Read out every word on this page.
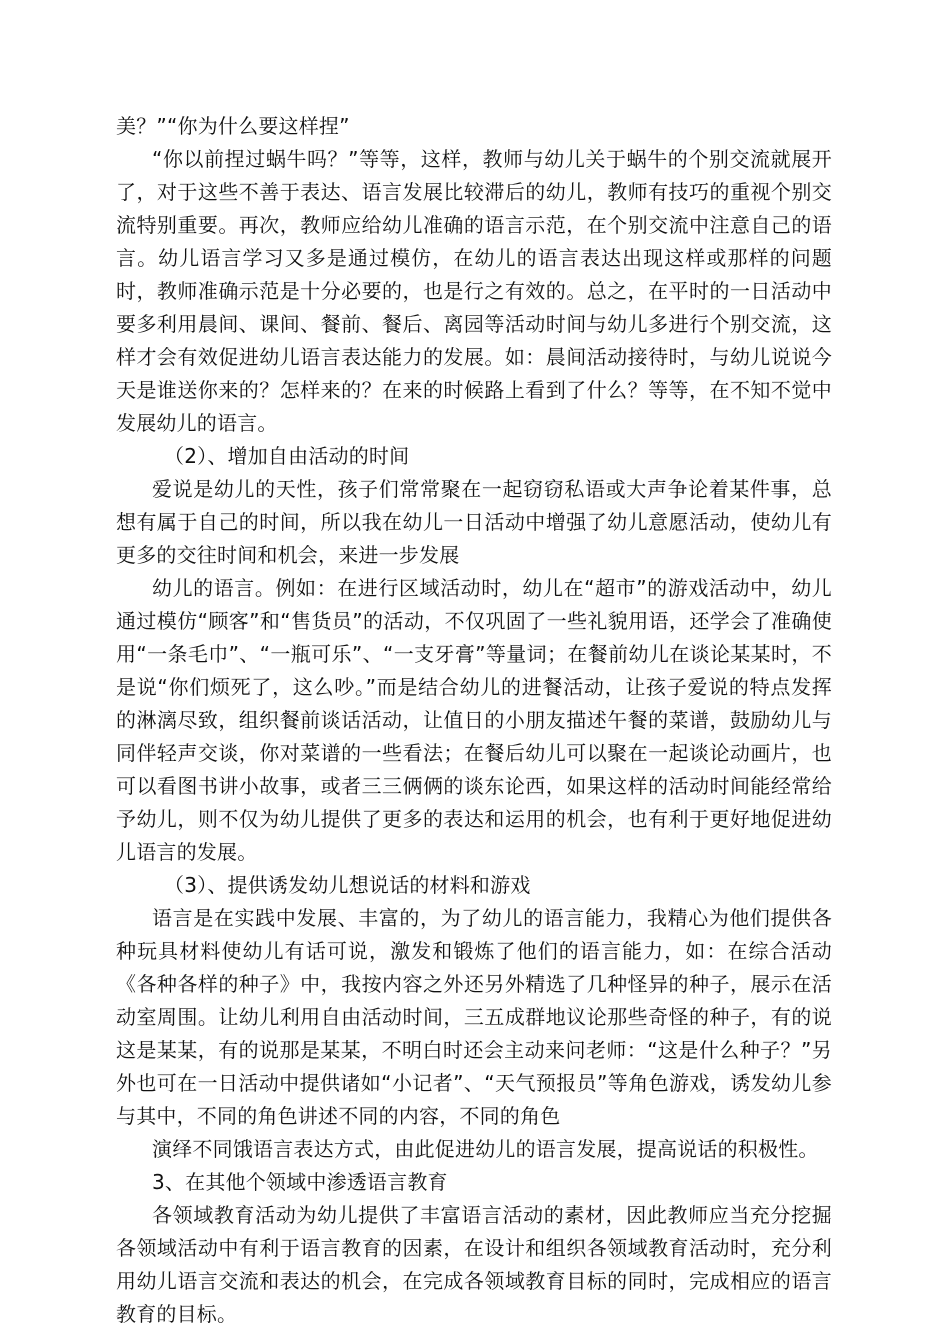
美？”“你为什么要这样捏”

“你以前捏过蜗牛吗？”等等，这样，教师与幼儿关于蜗牛的个别交流就展开了，对于这些不善于表达、语言发展比较滞后的幼儿，教师有技巧的重视个别交流特别重要。再次，教师应给幼儿准确的语言示范，在个别交流中注意自己的语言。幼儿语言学习又多是通过模仿，在幼儿的语言表达出现这样或那样的问题时，教师准确示范是十分必要的，也是行之有效的。总之，在平时的一日活动中要多利用晨间、课间、餐前、餐后、离园等活动时间与幼儿多进行个别交流，这样才会有效促进幼儿语言表达能力的发展。如：晨间活动接待时，与幼儿说说今天是谁送你来的？怎样来的？在来的时候路上看到了什么？等等，在不知不觉中发展幼儿的语言。

（2）、增加自由活动的时间

爱说是幼儿的天性，孩子们常常聚在一起窃窃私语或大声争论着某件事，总想有属于自己的时间，所以我在幼儿一日活动中增强了幼儿意愿活动，使幼儿有更多的交往时间和机会，来进一步发展

幼儿的语言。例如：在进行区域活动时，幼儿在“超市”的游戏活动中，幼儿通过模仿“顾客”和“售货员”的活动，不仅巩固了一些礼貌用语，还学会了准确使用“一条毛巾”、“一瓶可乐”、“一支牙膏”等量词；在餐前幼儿在谈论某某时，不是说“你们烦死了，这么吵。”而是结合幼儿的进餐活动，让孩子爱说的特点发挥的淋漓尽致，组织餐前谈话活动，让值日的小朋友描述午餐的菜谱，鼓励幼儿与同伴轻声交谈，你对菜谱的一些看法；在餐后幼儿可以聚在一起谈论动画片，也可以看图书讲小故事，或者三三俩俩的谈东论西，如果这样的活动时间能经常给予幼儿，则不仅为幼儿提供了更多的表达和运用的机会，也有利于更好地促进幼儿语言的发展。

（3）、提供诱发幼儿想说话的材料和游戏

语言是在实践中发展、丰富的，为了幼儿的语言能力，我精心为他们提供各种玩具材料使幼儿有话可说，激发和锻炼了他们的语言能力，如：在综合活动《各种各样的种子》中，我按内容之外还另外精选了几种怪异的种子，展示在活动室周围。让幼儿利用自由活动时间，三五成群地议论那些奇怪的种子，有的说这是某某，有的说那是某某，不明白时还会主动来问老师：“这是什么种子？”另外也可在一日活动中提供诸如“小记者”、“天气预报员”等角色游戏，诱发幼儿参与其中，不同的角色讲述不同的内容，不同的角色

演绎不同饿语言表达方式，由此促进幼儿的语言发展，提高说话的积极性。

3、在其他个领域中渗透语言教育

各领域教育活动为幼儿提供了丰富语言活动的素材，因此教师应当充分挖掘各领域活动中有利于语言教育的因素，在设计和组织各领域教育活动时，充分利用幼儿语言交流和表达的机会，在完成各领域教育目标的同时，完成相应的语言教育的目标。
